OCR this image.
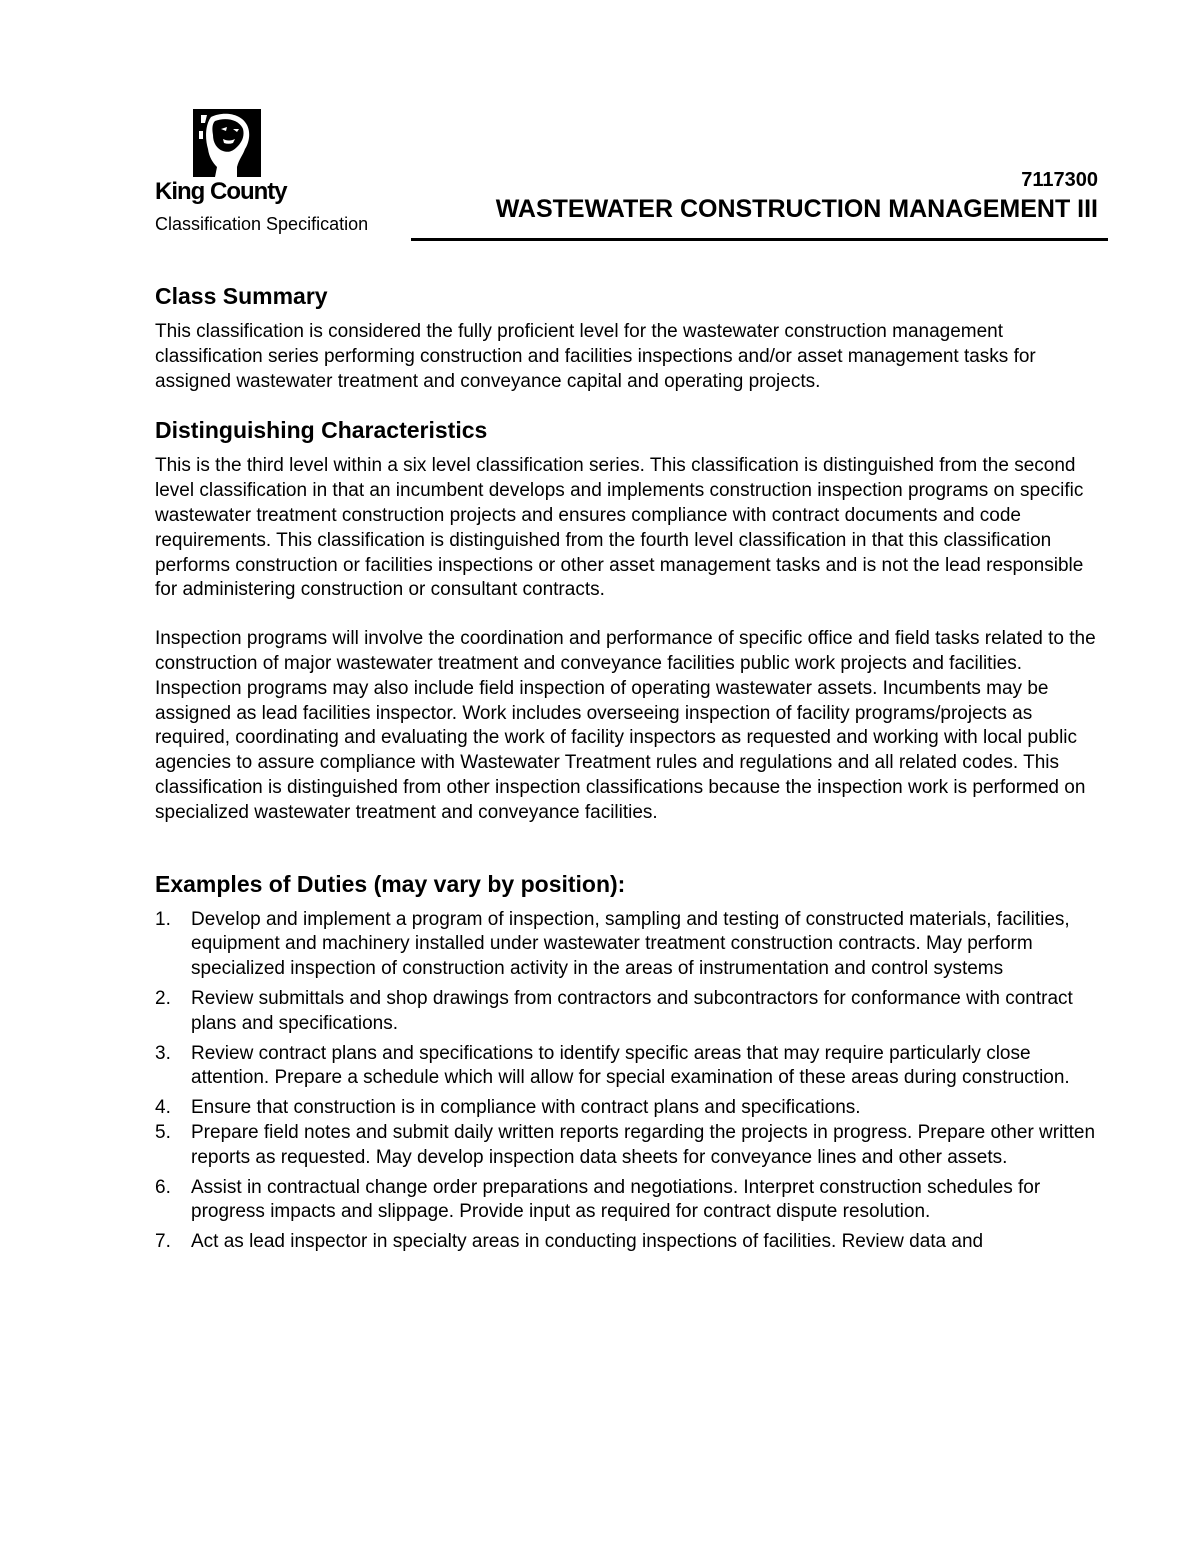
King County
Classification Specification
7117300
WASTEWATER CONSTRUCTION MANAGEMENT III
Class Summary

This classification is considered the fully proficient level for the wastewater construction management classification series performing construction and facilities inspections and/or asset management tasks for assigned wastewater treatment and conveyance capital and operating projects.

Distinguishing Characteristics

This is the third level within a six level classification series. This classification is distinguished from the second level classification in that an incumbent develops and implements construction inspection programs on specific wastewater treatment construction projects and ensures compliance with contract documents and code requirements. This classification is distinguished from the fourth level classification in that this classification performs construction or facilities inspections or other asset management tasks and is not the lead responsible for administering construction or consultant contracts.

Inspection programs will involve the coordination and performance of specific office and field tasks related to the construction of major wastewater treatment and conveyance facilities public work projects and facilities. Inspection programs may also include field inspection of operating wastewater assets. Incumbents may be assigned as lead facilities inspector. Work includes overseeing inspection of facility programs/projects as required, coordinating and evaluating the work of facility inspectors as requested and working with local public agencies to assure compliance with Wastewater Treatment rules and regulations and all related codes. This classification is distinguished from other inspection classifications because the inspection work is performed on specialized wastewater treatment and conveyance facilities.

Examples of Duties (may vary by position):
1. Develop and implement a program of inspection, sampling and testing of constructed materials, facilities, equipment and machinery installed under wastewater treatment construction contracts. May perform specialized inspection of construction activity in the areas of instrumentation and control systems
2. Review submittals and shop drawings from contractors and subcontractors for conformance with contract plans and specifications.
3. Review contract plans and specifications to identify specific areas that may require particularly close attention. Prepare a schedule which will allow for special examination of these areas during construction.
4. Ensure that construction is in compliance with contract plans and specifications.
5. Prepare field notes and submit daily written reports regarding the projects in progress. Prepare other written reports as requested. May develop inspection data sheets for conveyance lines and other assets.
6. Assist in contractual change order preparations and negotiations. Interpret construction schedules for progress impacts and slippage. Provide input as required for contract dispute resolution.
7. Act as lead inspector in specialty areas in conducting inspections of facilities. Review data and
